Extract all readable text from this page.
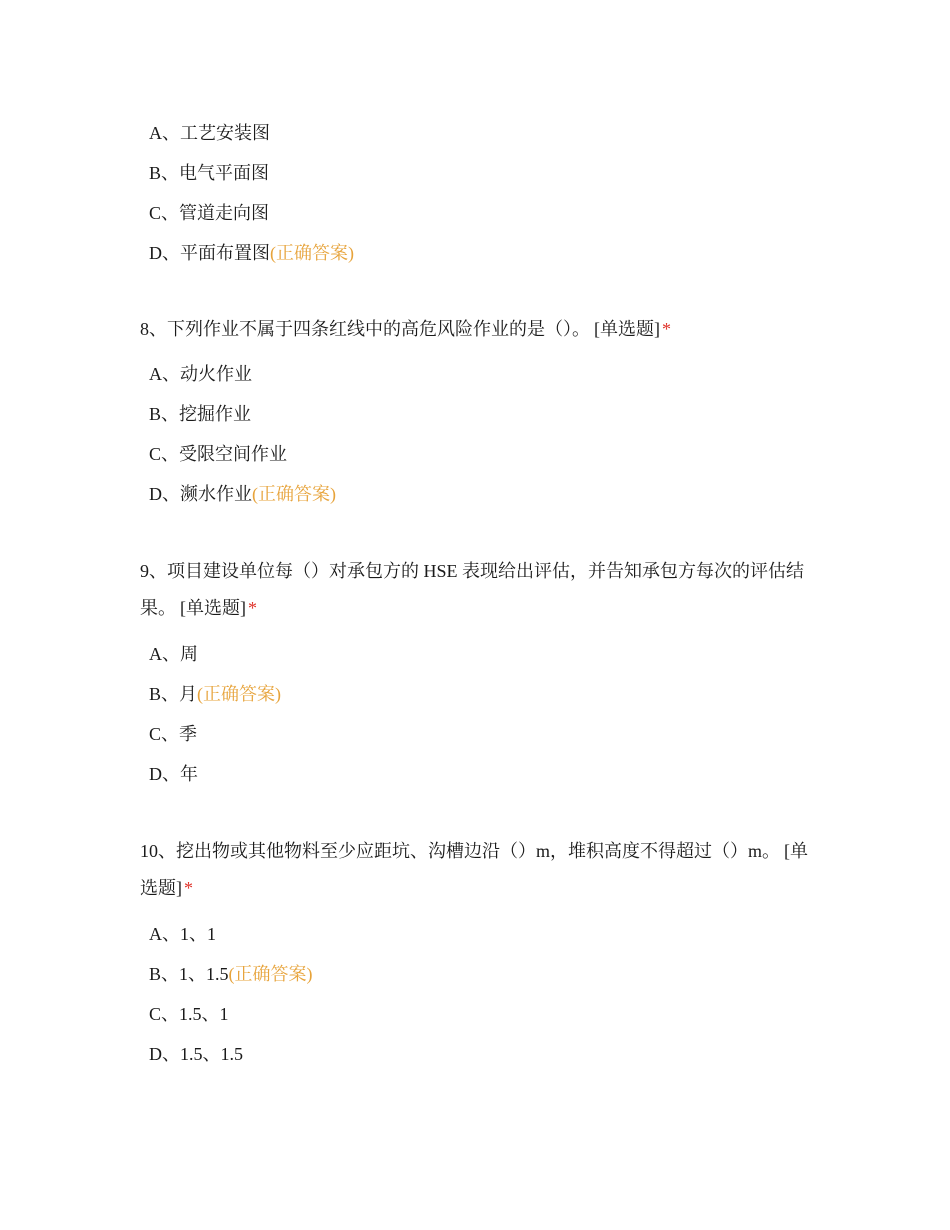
A、工艺安装图
B、电气平面图
C、管道走向图
D、平面布置图(正确答案)

8、下列作业不属于四条红线中的高危风险作业的是（）。 [单选题] *

A、动火作业
B、挖掘作业
C、受限空间作业
D、濒水作业(正确答案)

9、项目建设单位每（）对承包方的 HSE 表现给出评估，并告知承包方每次的评估结果。 [单选题] *

A、周
B、月(正确答案)
C、季
D、年

10、挖出物或其他物料至少应距坑、沟槽边沿（）m，堆积高度不得超过（）m。 [单选题] *

A、1、1
B、1、1.5(正确答案)
C、1.5、1
D、1.5、1.5
